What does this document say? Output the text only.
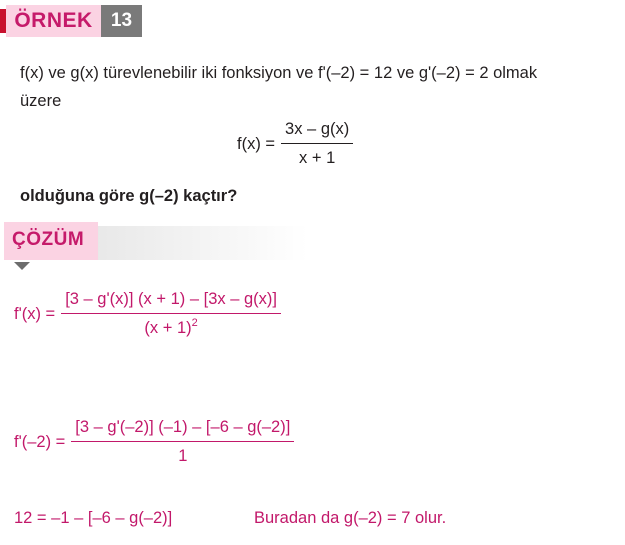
ÖRNEK 13
f(x) ve g(x) türevlenebilir iki fonksiyon ve fʹ(–2) = 12 ve gʹ(–2) = 2 olmak
üzere
$f(x) = \frac{3x - g(x)}{x + 1}$
olduğuna göre g(–2) kaçtır?
ÇÖZÜM
fʹ(x) = $\frac{\text{[3 – gʹ(x)] (x + 1) – [3x – g(x)]}}{(x + 1)^2}$
fʹ(–2) = $\frac{\text{[3 – gʹ(–2)] (–1) – [–6 – g(–2)]}}{1}$
12 = –1 – [–6 – g(–2)]	Buradan da g(–2) = 7 olur.
